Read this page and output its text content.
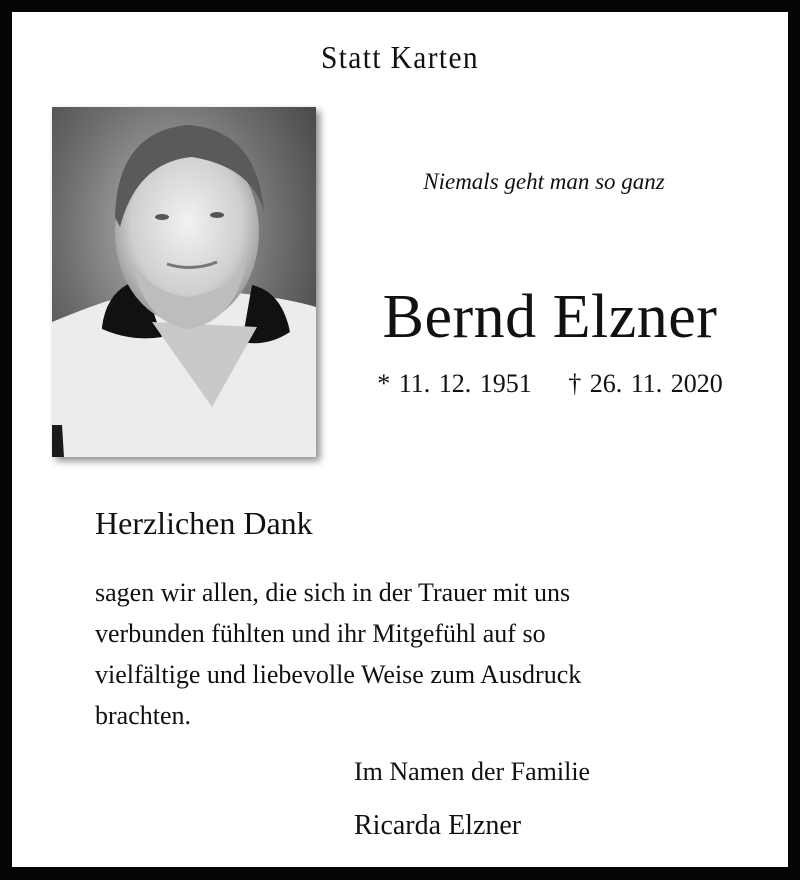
Statt Karten
Niemals geht man so ganz
Bernd Elzner
* 11. 12. 1951 † 26. 11. 2020
Herzlichen Dank
sagen wir allen, die sich in der Trauer mit uns
verbunden fühlten und ihr Mitgefühl auf so
vielfältige und liebevolle Weise zum Ausdruck
brachten.
Im Namen der Familie
Ricarda Elzner
